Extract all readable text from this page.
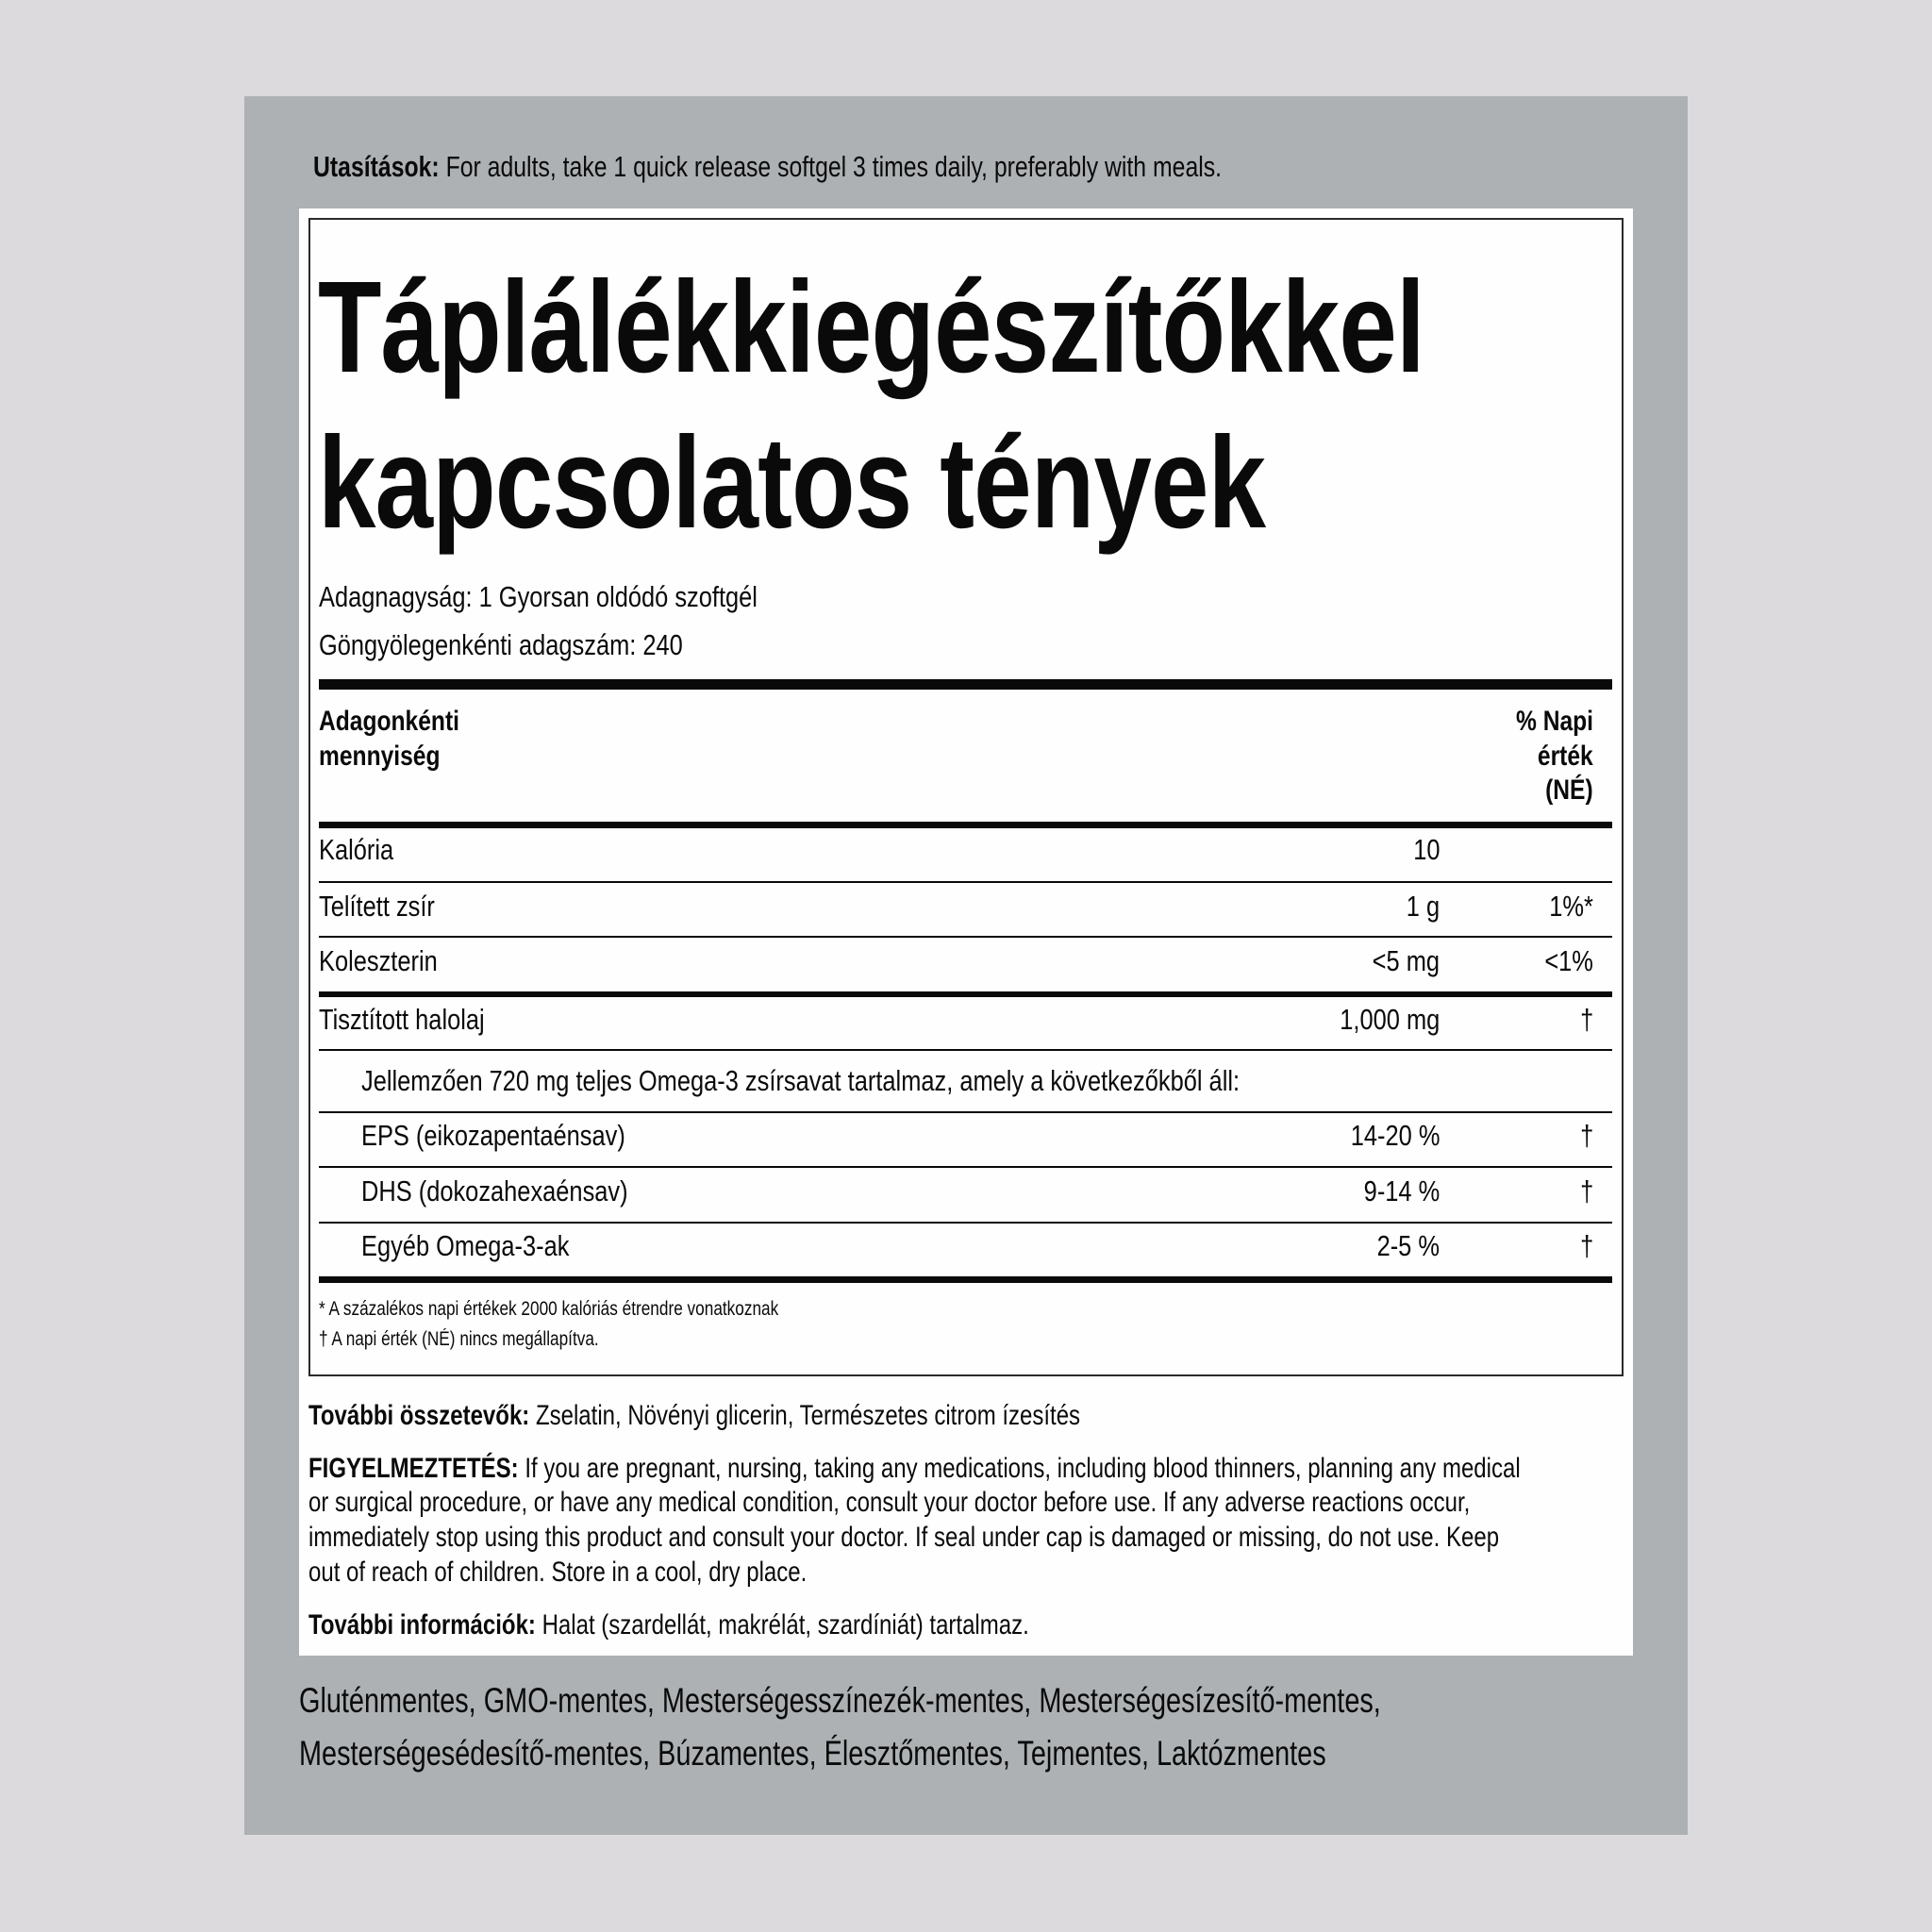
Utasítások: For adults, take 1 quick release softgel 3 times daily, preferably with meals.
Táplálékkiegészítőkkel
kapcsolatos tények
Adagnagyság: 1 Gyorsan oldódó szoftgél
Göngyölegenkénti adagszám: 240
Adagonkénti
mennyiség
% Napi
érték
(NÉ)
Kalória	10
Telített zsír	1 g	1%*
Koleszterin	<5 mg	<1%
Tisztított halolaj	1,000 mg	†
Jellemzően 720 mg teljes Omega-3 zsírsavat tartalmaz, amely a következőkből áll:
EPS (eikozapentaénsav)	14-20 %	†
DHS (dokozahexaénsav)	9-14 %	†
Egyéb Omega-3-ak	2-5 %	†
* A százalékos napi értékek 2000 kalóriás étrendre vonatkoznak
† A napi érték (NÉ) nincs megállapítva.
További összetevők: Zselatin, Növényi glicerin, Természetes citrom ízesítés
FIGYELMEZTETÉS: If you are pregnant, nursing, taking any medications, including blood thinners, planning any medical
or surgical procedure, or have any medical condition, consult your doctor before use. If any adverse reactions occur,
immediately stop using this product and consult your doctor. If seal under cap is damaged or missing, do not use. Keep
out of reach of children. Store in a cool, dry place.
További információk: Halat (szardellát, makrélát, szardíniát) tartalmaz.
Gluténmentes, GMO-mentes, Mesterségesszínezék-mentes, Mesterségesízesítő-mentes,
Mesterségesédesítő-mentes, Búzamentes, Élesztőmentes, Tejmentes, Laktózmentes
